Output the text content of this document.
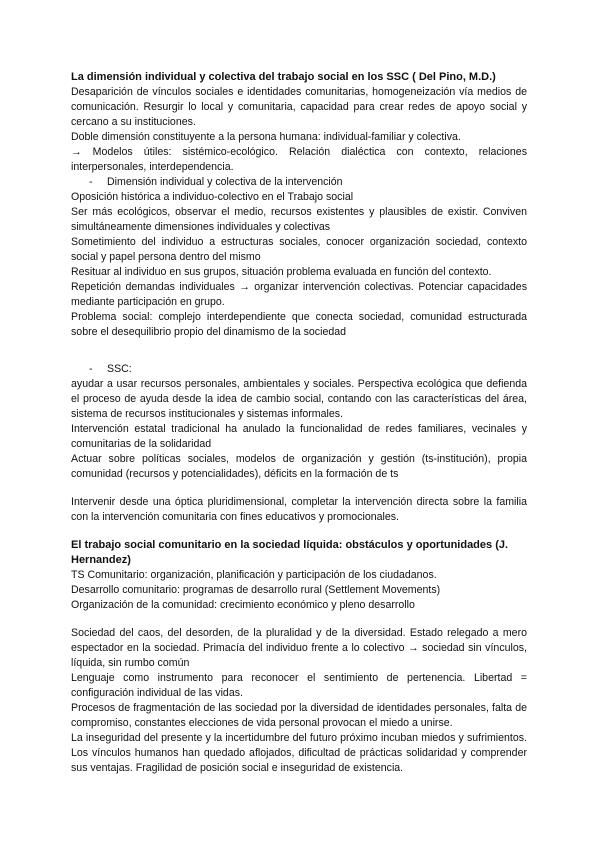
La dimensión individual y colectiva del trabajo social en los SSC ( Del Pino, M.D.)

Desaparición de vínculos sociales e identidades comunitarias, homogeneización vía medios de comunicación. Resurgir lo local y comunitaria, capacidad para crear redes de apoyo social y cercano a su instituciones.

Doble dimensión constituyente a la persona humana: individual-familiar y colectiva.

→ Modelos útiles: sistémico-ecológico. Relación dialéctica con contexto, relaciones interpersonales, interdependencia.

- Dimensión individual y colectiva de la intervención

Oposición histórica a individuo-colectivo en el Trabajo social

Ser más ecológicos, observar el medio, recursos existentes y plausibles de existir. Conviven simultáneamente dimensiones individuales y colectivas

Sometimiento del individuo a estructuras sociales, conocer organización sociedad, contexto social y papel persona dentro del mismo

Resituar al individuo en sus grupos, situación problema evaluada en función del contexto.

Repetición demandas individuales → organizar intervención colectivas. Potenciar capacidades mediante participación en grupo.

Problema social: complejo interdependiente que conecta sociedad, comunidad estructurada sobre el desequilibrio propio del dinamismo de la sociedad

- SSC:

ayudar a usar recursos personales, ambientales y sociales. Perspectiva ecológica que defienda el proceso de ayuda desde la idea de cambio social, contando con las características del área, sistema de recursos institucionales y sistemas informales.

Intervención estatal tradicional ha anulado la funcionalidad de redes familiares, vecinales y comunitarias de la solidaridad

Actuar sobre políticas sociales, modelos de organización y gestión (ts-institución), propia comunidad (recursos y potencialidades), déficits en la formación de ts

Intervenir desde una óptica pluridimensional, completar la intervención directa sobre la familia con la intervención comunitaria con fines educativos y promocionales.

El trabajo social comunitario en la sociedad líquida: obstáculos y oportunidades (J. Hernandez)

TS Comunitario: organización, planificación y participación de los ciudadanos.

Desarrollo comunitario: programas de desarrollo rural (Settlement Movements)

Organización de la comunidad: crecimiento económico y pleno desarrollo

Sociedad del caos, del desorden, de la pluralidad y de la diversidad. Estado relegado a mero espectador en la sociedad. Primacía del individuo frente a lo colectivo → sociedad sin vínculos, líquida, sin rumbo común

Lenguaje como instrumento para reconocer el sentimiento de pertenencia. Libertad = configuración individual de las vidas.

Procesos de fragmentación de las sociedad por la diversidad de identidades personales, falta de compromiso, constantes elecciones de vida personal provocan el miedo a unirse.

La inseguridad del presente y la incertidumbre del futuro próximo incuban miedos y sufrimientos. Los vínculos humanos han quedado aflojados, dificultad de prácticas solidaridad y comprender sus ventajas. Fragilidad de posición social e inseguridad de existencia.
